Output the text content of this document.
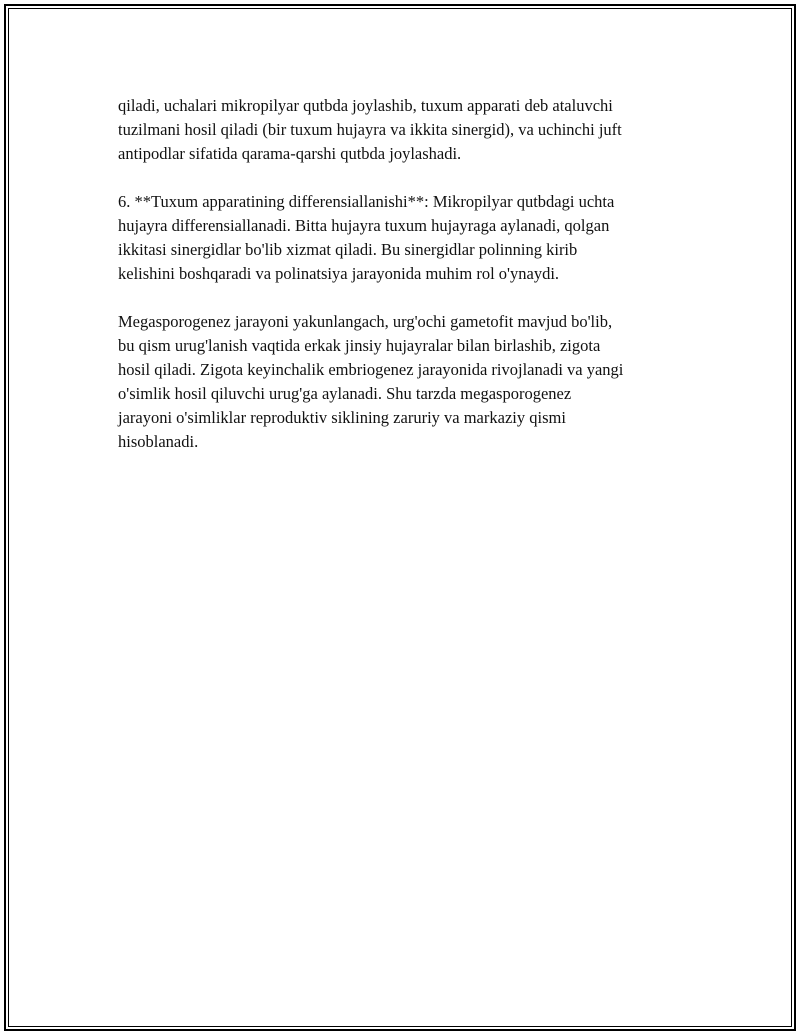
qiladi, uchalari mikropilyar qutbda joylashib, tuxum apparati deb ataluvchi
tuzilmani hosil qiladi (bir tuxum hujayra va ikkita sinergid), va uchinchi juft
antipodlar sifatida qarama-qarshi qutbda joylashadi.

6. **Tuxum apparatining differensiallanishi**: Mikropilyar qutbdagi uchta
hujayra differensiallanadi. Bitta hujayra tuxum hujayraga aylanadi, qolgan
ikkitasi sinergidlar bo'lib xizmat qiladi. Bu sinergidlar polinning kirib
kelishini boshqaradi va polinatsiya jarayonida muhim rol o'ynaydi.

Megasporogenez jarayoni yakunlangach, urg'ochi gametofit mavjud bo'lib,
bu qism urug'lanish vaqtida erkak jinsiy hujayralar bilan birlashib, zigota
hosil qiladi. Zigota keyinchalik embriogenez jarayonida rivojlanadi va yangi
o'simlik hosil qiluvchi urug'ga aylanadi. Shu tarzda megasporogenez
jarayoni o'simliklar reproduktiv siklining zaruriy va markaziy qismi
hisoblanadi.
